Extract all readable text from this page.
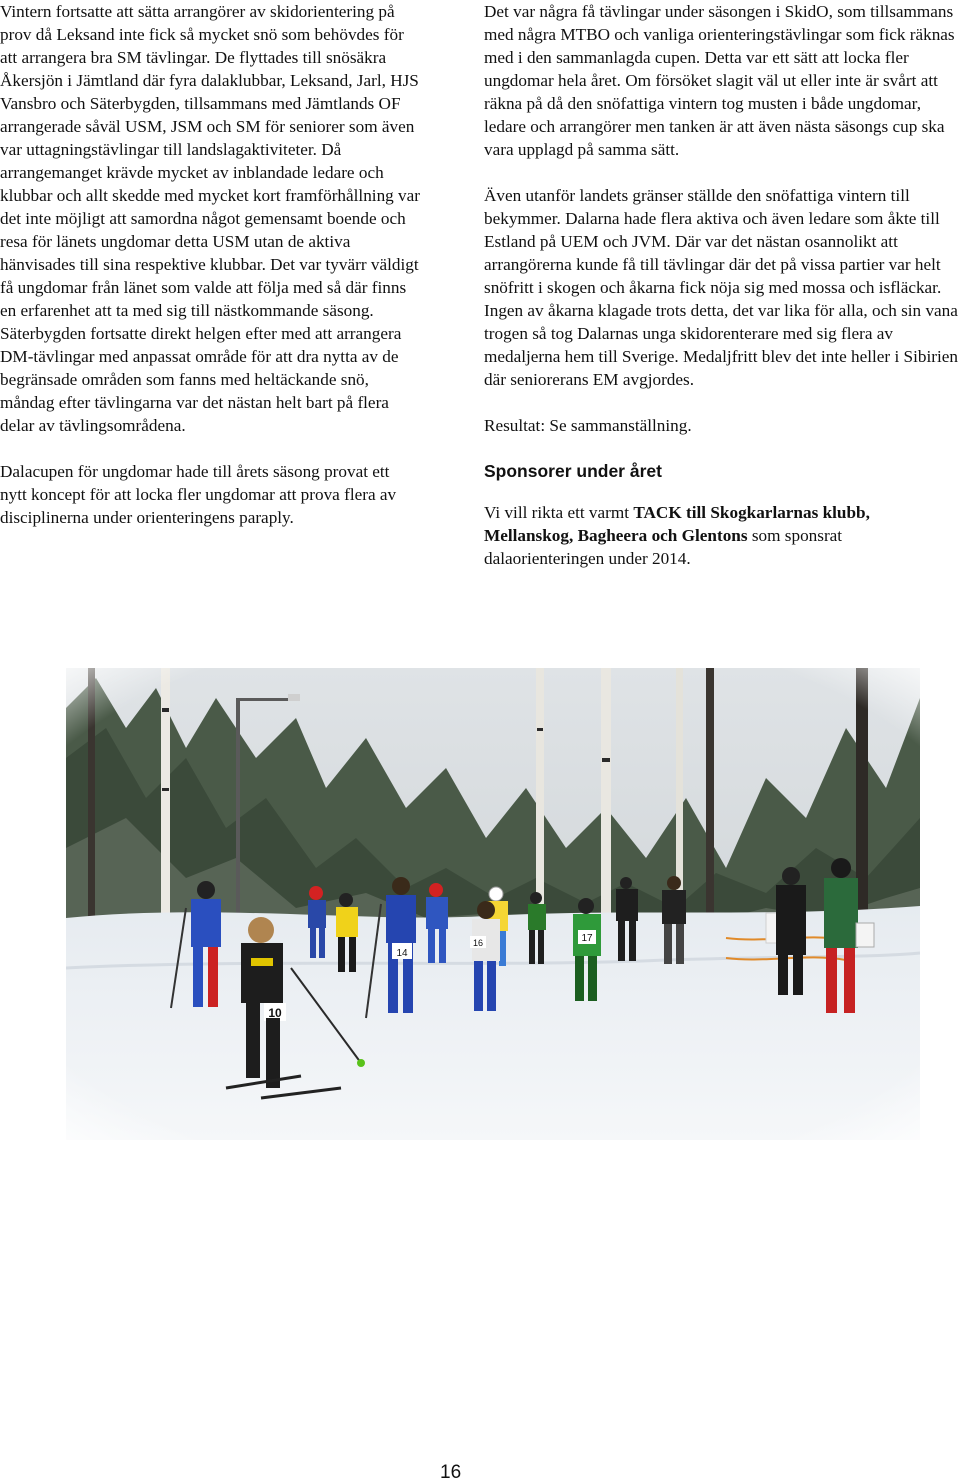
Vintern fortsatte att sätta arrangörer av skidorientering på prov då Leksand inte fick så mycket snö som behövdes för att arrangera bra SM tävlingar. De flyttades till snösäkra Åkersjön i Jämtland där fyra dalaklubbar, Leksand, Jarl, HJS Vansbro och Säterbygden, tillsammans med Jämtlands OF arrangerade såväl USM, JSM och SM för seniorer som även var uttagningstävlingar till landslagaktiviteter. Då arrangemanget krävde mycket av inblandade ledare och klubbar och allt skedde med mycket kort framförhållning var det inte möjligt att samordna något gemensamt boende och resa för länets ungdomar detta USM utan de aktiva hänvisades till sina respektive klubbar. Det var tyvärr väldigt få ungdomar från länet som valde att följa med så där finns en erfarenhet att ta med sig till nästkommande säsong. Säterbygden fortsatte direkt helgen efter med att arrangera DM-tävlingar med anpassat område för att dra nytta av de begränsade områden som fanns med heltäckande snö, måndag efter tävlingarna var det nästan helt bart på flera delar av tävlingsområdena.

Dalacupen för ungdomar hade till årets säsong provat ett nytt koncept för att locka fler ungdomar att prova flera av disciplinerna under orienteringens paraply.

Det var några få tävlingar under säsongen i SkidO, som tillsammans med några MTBO och vanliga orienteringstävlingar som fick räknas med i den sammanlagda cupen. Detta var ett sätt att locka fler ungdomar hela året. Om försöket slagit väl ut eller inte är svårt att räkna på då den snöfattiga vintern tog musten i både ungdomar, ledare och arrangörer men tanken är att även nästa säsongs cup ska vara upplagd på samma sätt.

Även utanför landets gränser ställde den snöfattiga vintern till bekymmer. Dalarna hade flera aktiva och även ledare som åkte till Estland på UEM och JVM. Där var det nästan osannolikt att arrangörerna kunde få till tävlingar där det på vissa partier var helt snöfritt i skogen och åkarna fick nöja sig med mossa och isfläckar. Ingen av åkarna klagade trots detta, det var lika för alla, och sin vana trogen så tog Dalarnas unga skidorenterare med sig flera av medaljerna hem till Sverige. Medaljfritt blev det inte heller i Sibirien där seniorerans EM avgjordes.

Resultat: Se sammanställning.

Sponsorer under året

Vi vill rikta ett varmt TACK till Skogkarlarnas klubb, Mellanskog, Bagheera och Glentons som sponsrat dalaorienteringen under 2014.

16
